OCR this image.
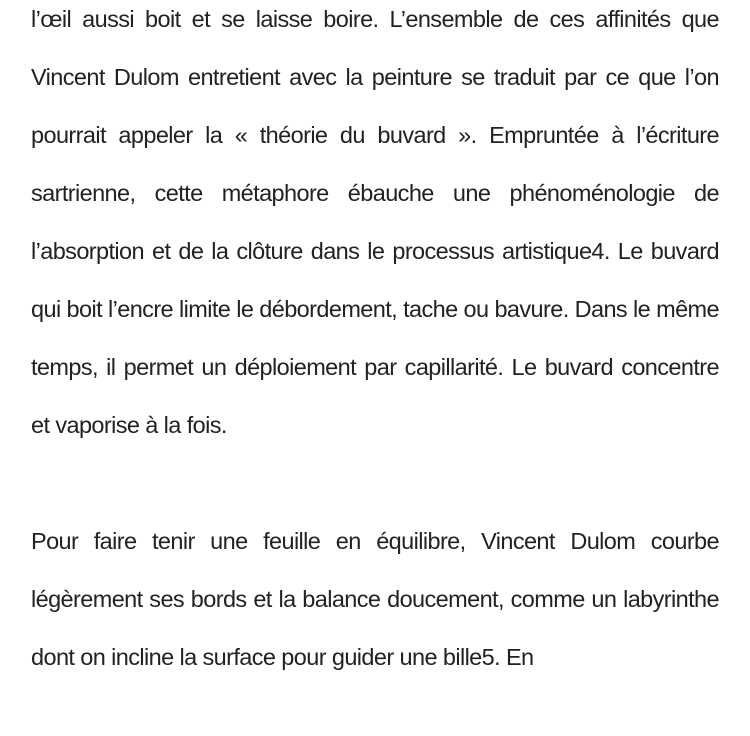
l’œil aussi boit et se laisse boire. L’ensemble de ces affinités que Vincent Dulom entretient avec la peinture se traduit par ce que l’on pourrait appeler la « théorie du buvard ». Empruntée à l’écriture sartrienne, cette métaphore ébauche une phénoménologie de l’absorption et de la clôture dans le processus artistique4. Le buvard qui boit l’encre limite le débordement, tache ou bavure. Dans le même temps, il permet un déploiement par capillarité. Le buvard concentre et vaporise à la fois.

Pour faire tenir une feuille en équilibre, Vincent Dulom courbe légèrement ses bords et la balance doucement, comme un labyrinthe dont on incline la surface pour guider une bille5. En
